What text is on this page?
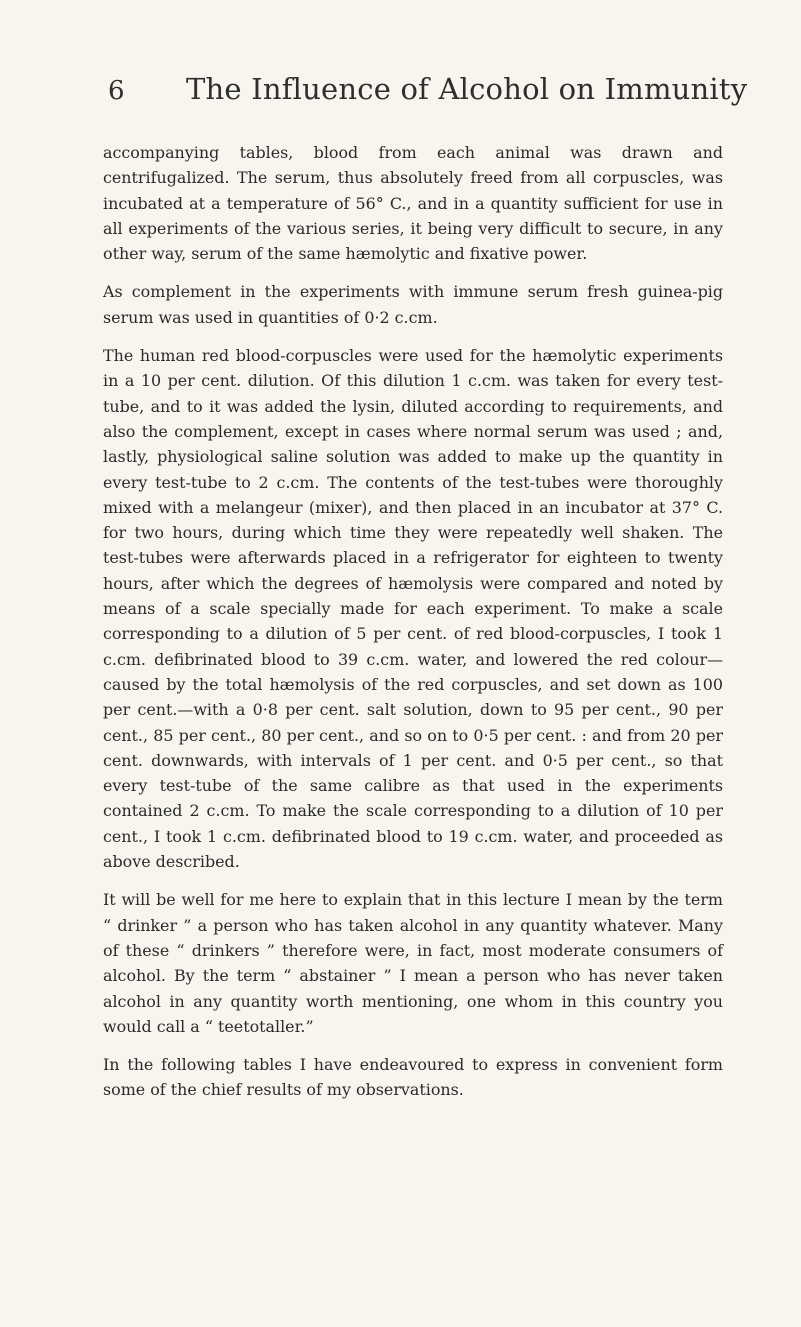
6 The Influence of Alcohol on Immunity

accompanying tables, blood from each animal was drawn and centrifugalized. The serum, thus absolutely freed from all corpuscles, was incubated at a temperature of 56° C., and in a quantity sufficient for use in all experiments of the various series, it being very difficult to secure, in any other way, serum of the same hæmolytic and fixative power.

As complement in the experiments with immune serum fresh guinea-pig serum was used in quantities of 0·2 c.cm.

The human red blood-corpuscles were used for the hæmolytic experiments in a 10 per cent. dilution. Of this dilution 1 c.cm. was taken for every test-tube, and to it was added the lysin, diluted according to requirements, and also the complement, except in cases where normal serum was used ; and, lastly, physiological saline solution was added to make up the quantity in every test-tube to 2 c.cm. The contents of the test-tubes were thoroughly mixed with a melangeur (mixer), and then placed in an incubator at 37° C. for two hours, during which time they were repeatedly well shaken. The test-tubes were afterwards placed in a refrigerator for eighteen to twenty hours, after which the degrees of hæmolysis were compared and noted by means of a scale specially made for each experiment. To make a scale corresponding to a dilution of 5 per cent. of red blood-corpuscles, I took 1 c.cm. defibrinated blood to 39 c.cm. water, and lowered the red colour—caused by the total hæmolysis of the red corpuscles, and set down as 100 per cent.—with a 0·8 per cent. salt solution, down to 95 per cent., 90 per cent., 85 per cent., 80 per cent., and so on to 0·5 per cent. : and from 20 per cent. downwards, with intervals of 1 per cent. and 0·5 per cent., so that every test-tube of the same calibre as that used in the experiments contained 2 c.cm. To make the scale corresponding to a dilution of 10 per cent., I took 1 c.cm. defibrinated blood to 19 c.cm. water, and proceeded as above described.

It will be well for me here to explain that in this lecture I mean by the term “ drinker ” a person who has taken alcohol in any quantity whatever. Many of these “ drinkers ” therefore were, in fact, most moderate consumers of alcohol. By the term “ abstainer ” I mean a person who has never taken alcohol in any quantity worth mentioning, one whom in this country you would call a “ teetotaller.”

In the following tables I have endeavoured to express in convenient form some of the chief results of my observations.
